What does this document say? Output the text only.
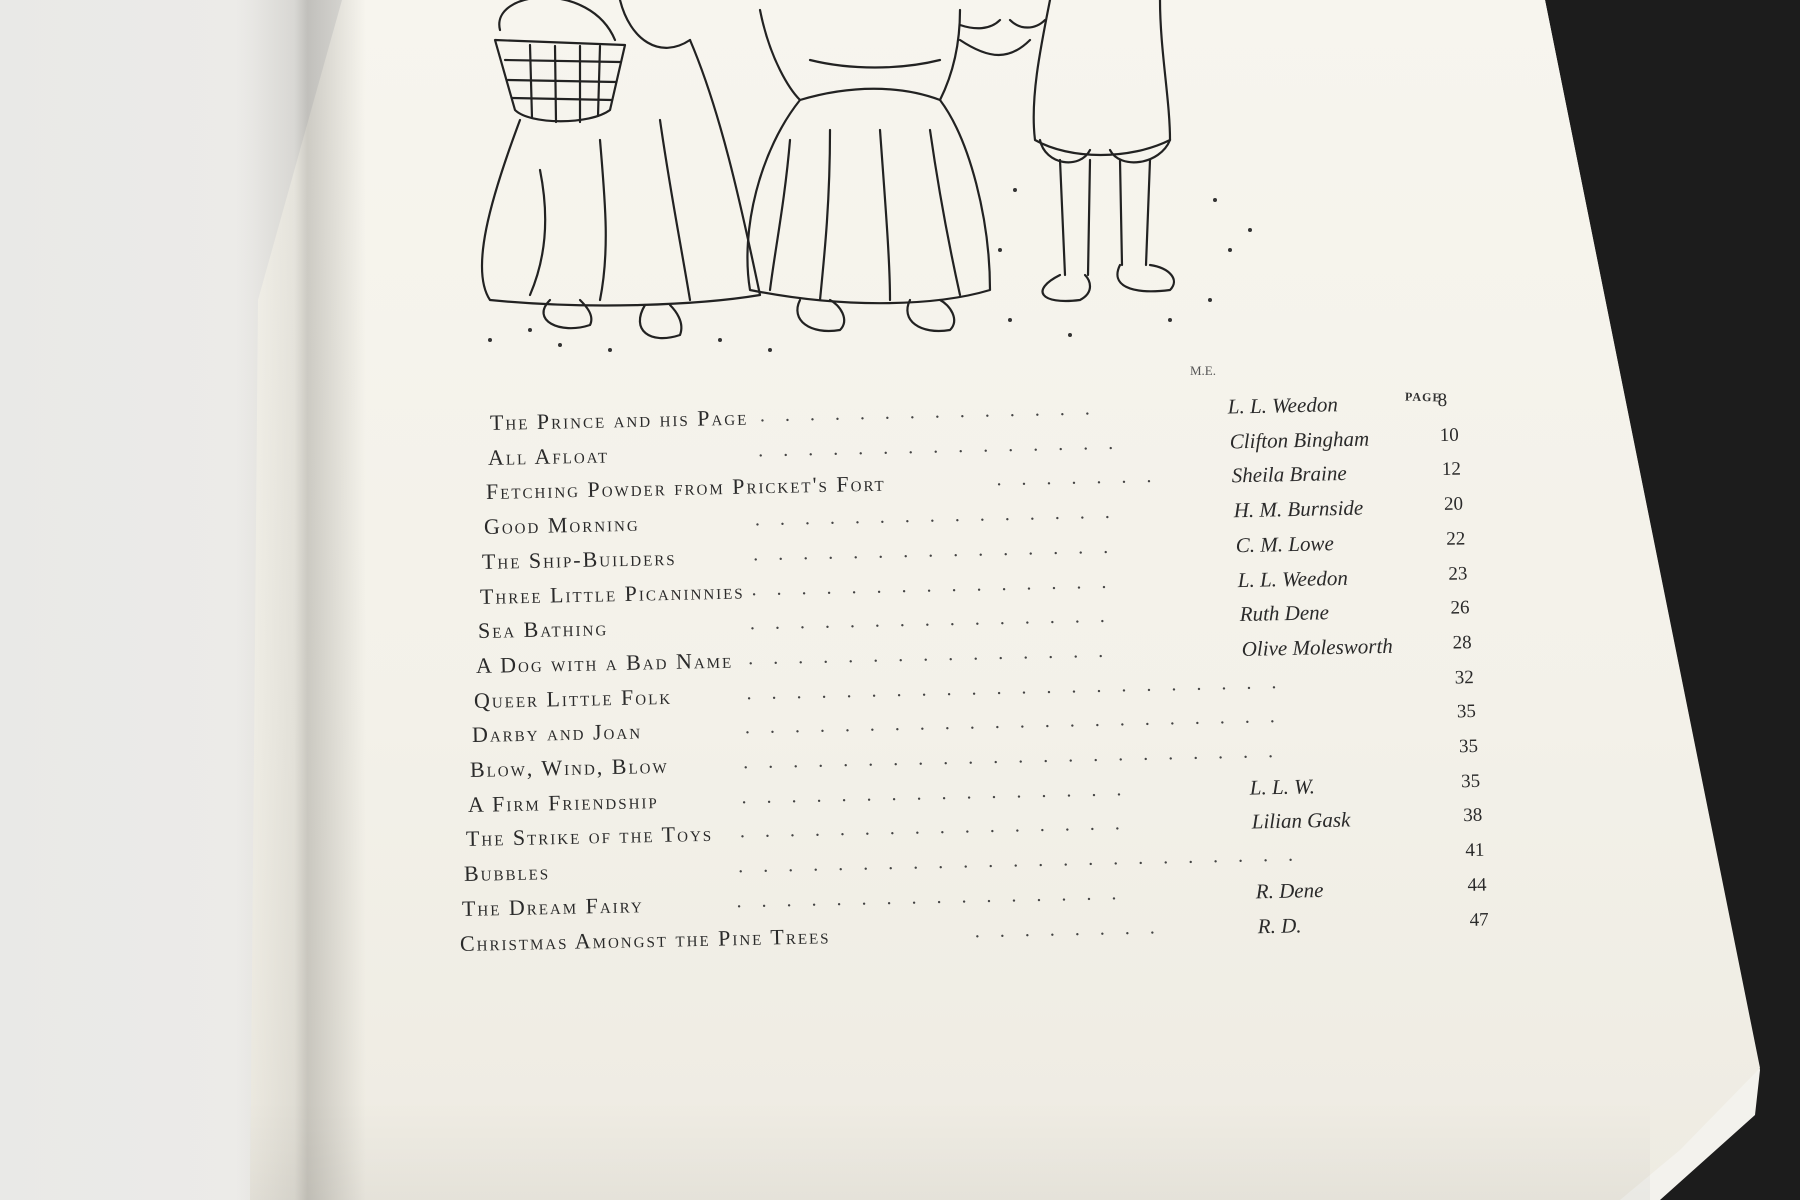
M.E.
PAGE
The Prince and his Page ..............	L. L. Weedon	8
All Afloat	...............	Clifton Bingham	10
Fetching Powder from Pricket's Fort	.......	Sheila Braine	12
Good Morning	...............	H. M. Burnside	20
The Ship-Builders	...............	C. M. Lowe	22
Three Little Picaninnies ...............	L. L. Weedon	23
Sea Bathing	...............	Ruth Dene	26
A Dog with a Bad Name ...............	Olive Molesworth	28
Queer Little Folk	......................	32
Darby and Joan	......................	35
Blow, Wind, Blow	......................	35
A Firm Friendship	................	L. L. W.	35
The Strike of the Toys ................	Lilian Gask	38
Bubbles	.......................	41
The Dream Fairy	................	R. Dene	44
Christmas Amongst the Pine Trees	........	R. D.	47
